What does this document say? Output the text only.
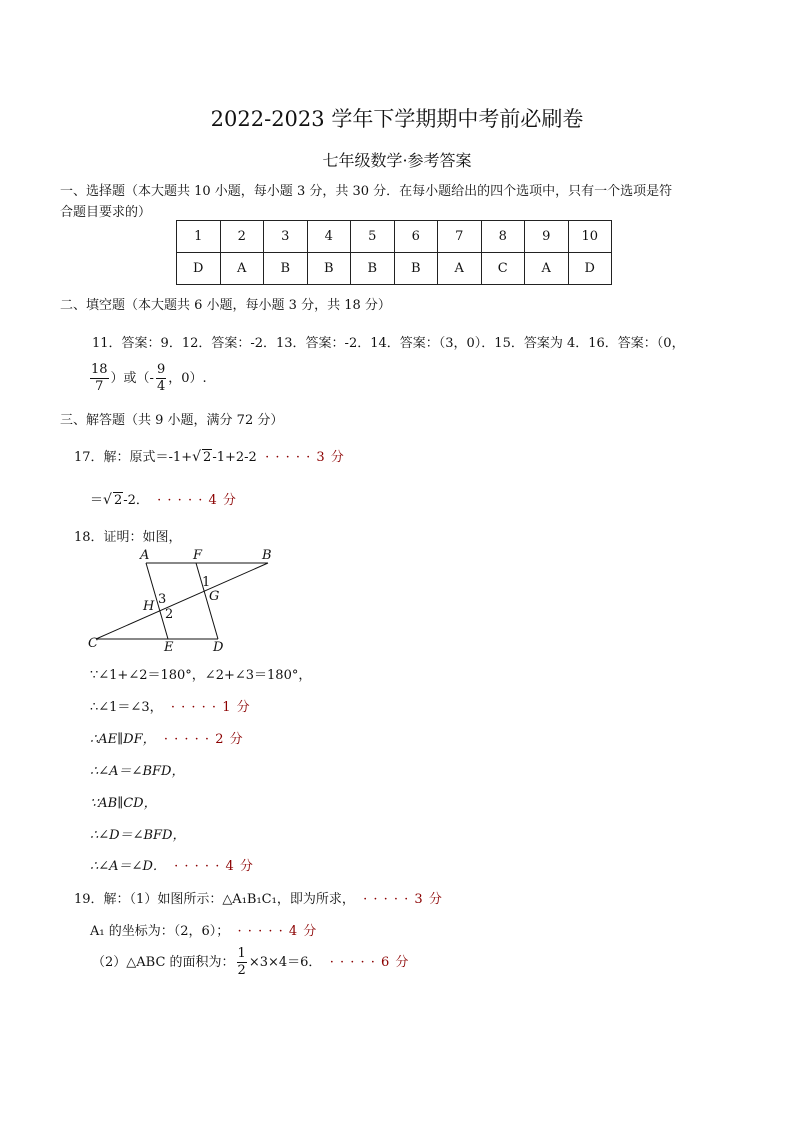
2022-2023 学年下学期期中考前必刷卷
七年级数学·参考答案
一、选择题（本大题共 10 小题，每小题 3 分，共 30 分．在每小题给出的四个选项中，只有一个选项是符
合题目要求的）
1	2	3	4	5	6	7	8	9	10
D	A	B	B	B	B	A	C	A	D
二、填空题（本大题共 6 小题，每小题 3 分，共 18 分）
11．答案：9．12．答案：-2．13．答案：-2．14．答案：（3，0）．15．答案为 4．16．答案：（0，
$\frac{18}{7}$ ）或（- $\frac{9}{4}$ ，0）.
三、解答题（共 9 小题，满分 72 分）
17．解：原式＝-1+√ 2-1+2-2 · · · · · 3 分
＝√ 2-2． · · · · · 4 分
18．证明：如图，
A	F	B
H
G
C	E	D
1
2
3
∵∠1+∠2＝180°，∠2+∠3＝180°，
∴∠1＝∠3， · · · · · 1 分
∴AE∥DF， · · · · · 2 分
∴∠A＝∠BFD，
∵AB∥CD，
∴∠D＝∠BFD，
∴∠A＝∠D． · · · · · 4 分
19．解：（1）如图所示：△A₁B₁C₁，即为所求， · · · · · 3 分
A₁ 的坐标为：（2，6）； · · · · · 4 分
（2）△ABC 的面积为： $\frac{1}{2} \times 3\times 4=6$． · · · · · 6 分
